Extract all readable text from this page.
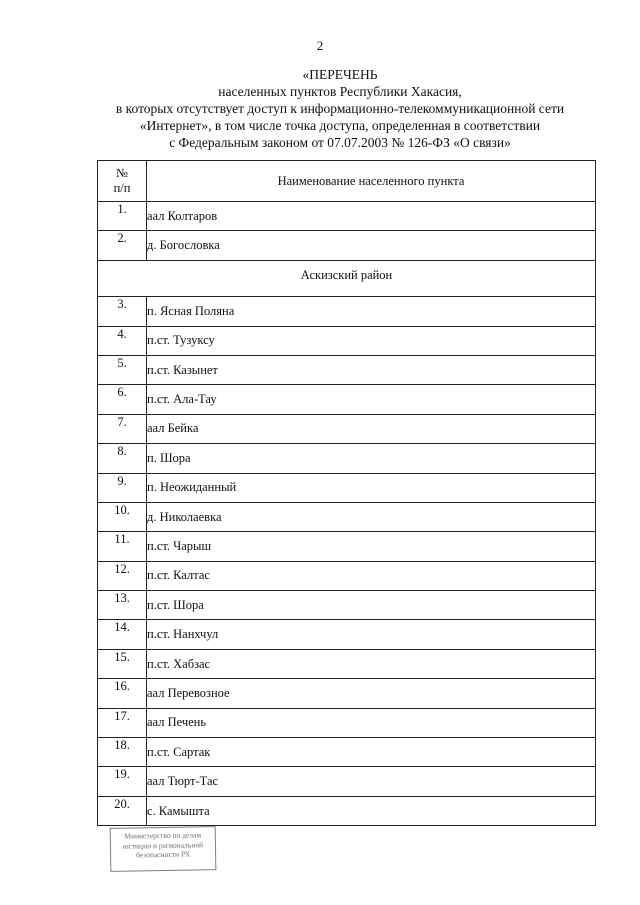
2
«ПЕРЕЧЕНЬ
населенных пунктов Республики Хакасия,
в которых отсутствует доступ к информационно-телекоммуникационной сети
«Интернет», в том числе точка доступа, определенная в соответствии
с Федеральным законом от 07.07.2003 № 126-ФЗ «О связи»
№
п/п	Наименование населенного пункта
1.	аал Колтаров
2.	д. Богословка
Аскизский район	
3.	п. Ясная Поляна
4.	п.ст. Тузуксу
5.	п.ст. Казынет
6.	п.ст. Ала-Тау
7.	аал Бейка
8.	п. Шора
9.	п. Неожиданный
10.	д. Николаевка
11.	п.ст. Чарыш
12.	п.ст. Калтас
13.	п.ст. Шора
14.	п.ст. Нанхчул
15.	п.ст. Хабзас
16.	аал Перевозное
17.	аал Печень
18.	п.ст. Сартак
19.	аал Тюрт-Тас
20.	с. Камышта
Министерство по делам
юстиции и региональной
безопасности РХ
